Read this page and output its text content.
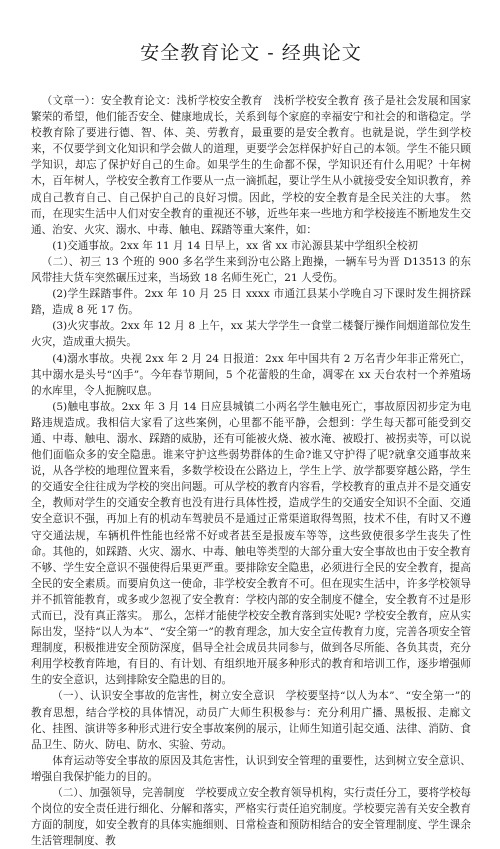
安全教育论文 - 经典论文

（文章一）：安全教育论文：浅析学校安全教育　浅析学校安全教育 孩子是社会发展和国家繁荣的希望，他们能否安全、健康地成长，关系到每个家庭的幸福安宁和社会的和谐稳定。学校教育除了要进行德、智、体、美、劳教育，最重要的是安全教育。也就是说，学生到学校来，不仅要学到文化知识和学会做人的道理，更要学会怎样保护好自己的本领。学生不能只顾学知识，却忘了保护好自己的生命。如果学生的生命都不保，学知识还有什么用呢？十年树木，百年树人，学校安全教育工作要从一点一滴抓起，要让学生从小就接受安全知识教育，养成自己教育自己、自己保护自己的良好习惯。因此，学校的安全教育是全民关注的大事。 然而，在现实生活中人们对安全教育的重视还不够，近些年来一些地方和学校接连不断地发生交通、治安、火灾、溺水、中毒、触电、踩踏等重大案件，如：

(1)交通事故。2xx 年 11 月 14 日早上，xx 省 xx 市沁源县某中学组织全校初

（二）、初三 13 个班的 900 多名学生来到汾屯公路上跑操，一辆车号为晋 D13513 的东风带挂大货车突然碾压过来，当场致 18 名师生死亡，21 人受伤。

(2)学生踩踏事件。2xx 年 10 月 25 日 xxxx 市通江县某小学晚自习下课时发生拥挤踩踏，造成 8 死 17 伤。

(3)火灾事故。2xx 年 12 月 8 上午，xx 某大学学生一食堂二楼餐厅操作间烟道部位发生火灾，造成重大损失。

(4)溺水事故。央视 2xx 年 2 月 24 日报道：2xx 年中国共有 2 万名青少年非正常死亡，其中溺水是头号“凶手”。今年春节期间，5 个花蕾般的生命，凋零在 xx 天台农村一个养殖场的水库里，令人扼腕叹息。

(5)触电事故。2xx 年 3 月 14 日应县城镇二小两名学生触电死亡，事故原因初步定为电路违规造成。我相信大家看了这些案例，心里都不能平静，会想到：学生每天都可能受到交通、中毒、触电、溺水、踩踏的威胁，还有可能被火烧、被水淹、被殴打、被拐卖等，可以说他们面临众多的安全隐患。谁来守护这些弱势群体的生命?谁又守护得了呢?就拿交通事故来说，从各学校的地理位置来看，多数学校设在公路边上，学生上学、放学都要穿越公路，学生的交通安全往往成为学校的突出问题。可从学校的教育内容看，学校教育的重点并不是交通安全，教师对学生的交通安全教育也没有进行具体性授，造成学生的交通安全知识不全面、交通安全意识不强，再加上有的机动车驾驶员不是通过正常渠道取得驾照，技术不佳，有时又不遵守交通法规，车辆机件性能也经常不好或者甚至是报废车等等，这些致使很多学生丧失了性命。其他的，如踩踏、火灾、溺水、中毒、触电等类型的大部分重大安全事故也由于安全教育不够、学生安全意识不强使得后果更严重。要排除安全隐患，必须进行全民的安全教育，提高全民的安全素质。而要肩负这一使命，非学校安全教育不可。但在现实生活中，许多学校领导并不抓管能教育，或多或少忽视了安全教育：学校内部的安全制度不健全，安全教育不过是形式而已，没有真正落实。 那么，怎样才能使学校安全教育落到实处呢? 学校安全教育，应从实际出发，坚持“以人为本”、“安全第一”的教育理念，加大安全宣传教育力度，完善各项安全管理制度，积极推进安全预防深度，倡导全社会成员共同参与，做到各尽所能、各负其责，充分利用学校教育阵地，有目的、有计划、有组织地开展多种形式的教育和培训工作，逐步增强师生的安全意识，达到排除安全隐患的目的。

（一）、认识安全事故的危害性，树立安全意识　学校要坚持“以人为本”、“安全第一”的教育思想，结合学校的具体情况，动员广大师生积极参与：充分利用广播、黑板报、走廊文化、挂图、演讲等多种形式进行安全事故案例的展示，让师生知道引起交通、法律、消防、食品卫生、防火、防电、防水、实验、劳动。

体育运动等安全事故的原因及其危害性，认识到安全管理的重要性，达到树立安全意识、增强自我保护能力的目的。

（二）、加强领导，完善制度　学校要成立安全教育领导机构，实行责任分工，要将学校每个岗位的安全责任进行细化、分解和落实，严格实行责任追究制度。学校要完善有关安全教育方面的制度，如安全教育的具体实施细则、日常检查和预防相结合的安全管理制度、学生课余生活管理制度、教
